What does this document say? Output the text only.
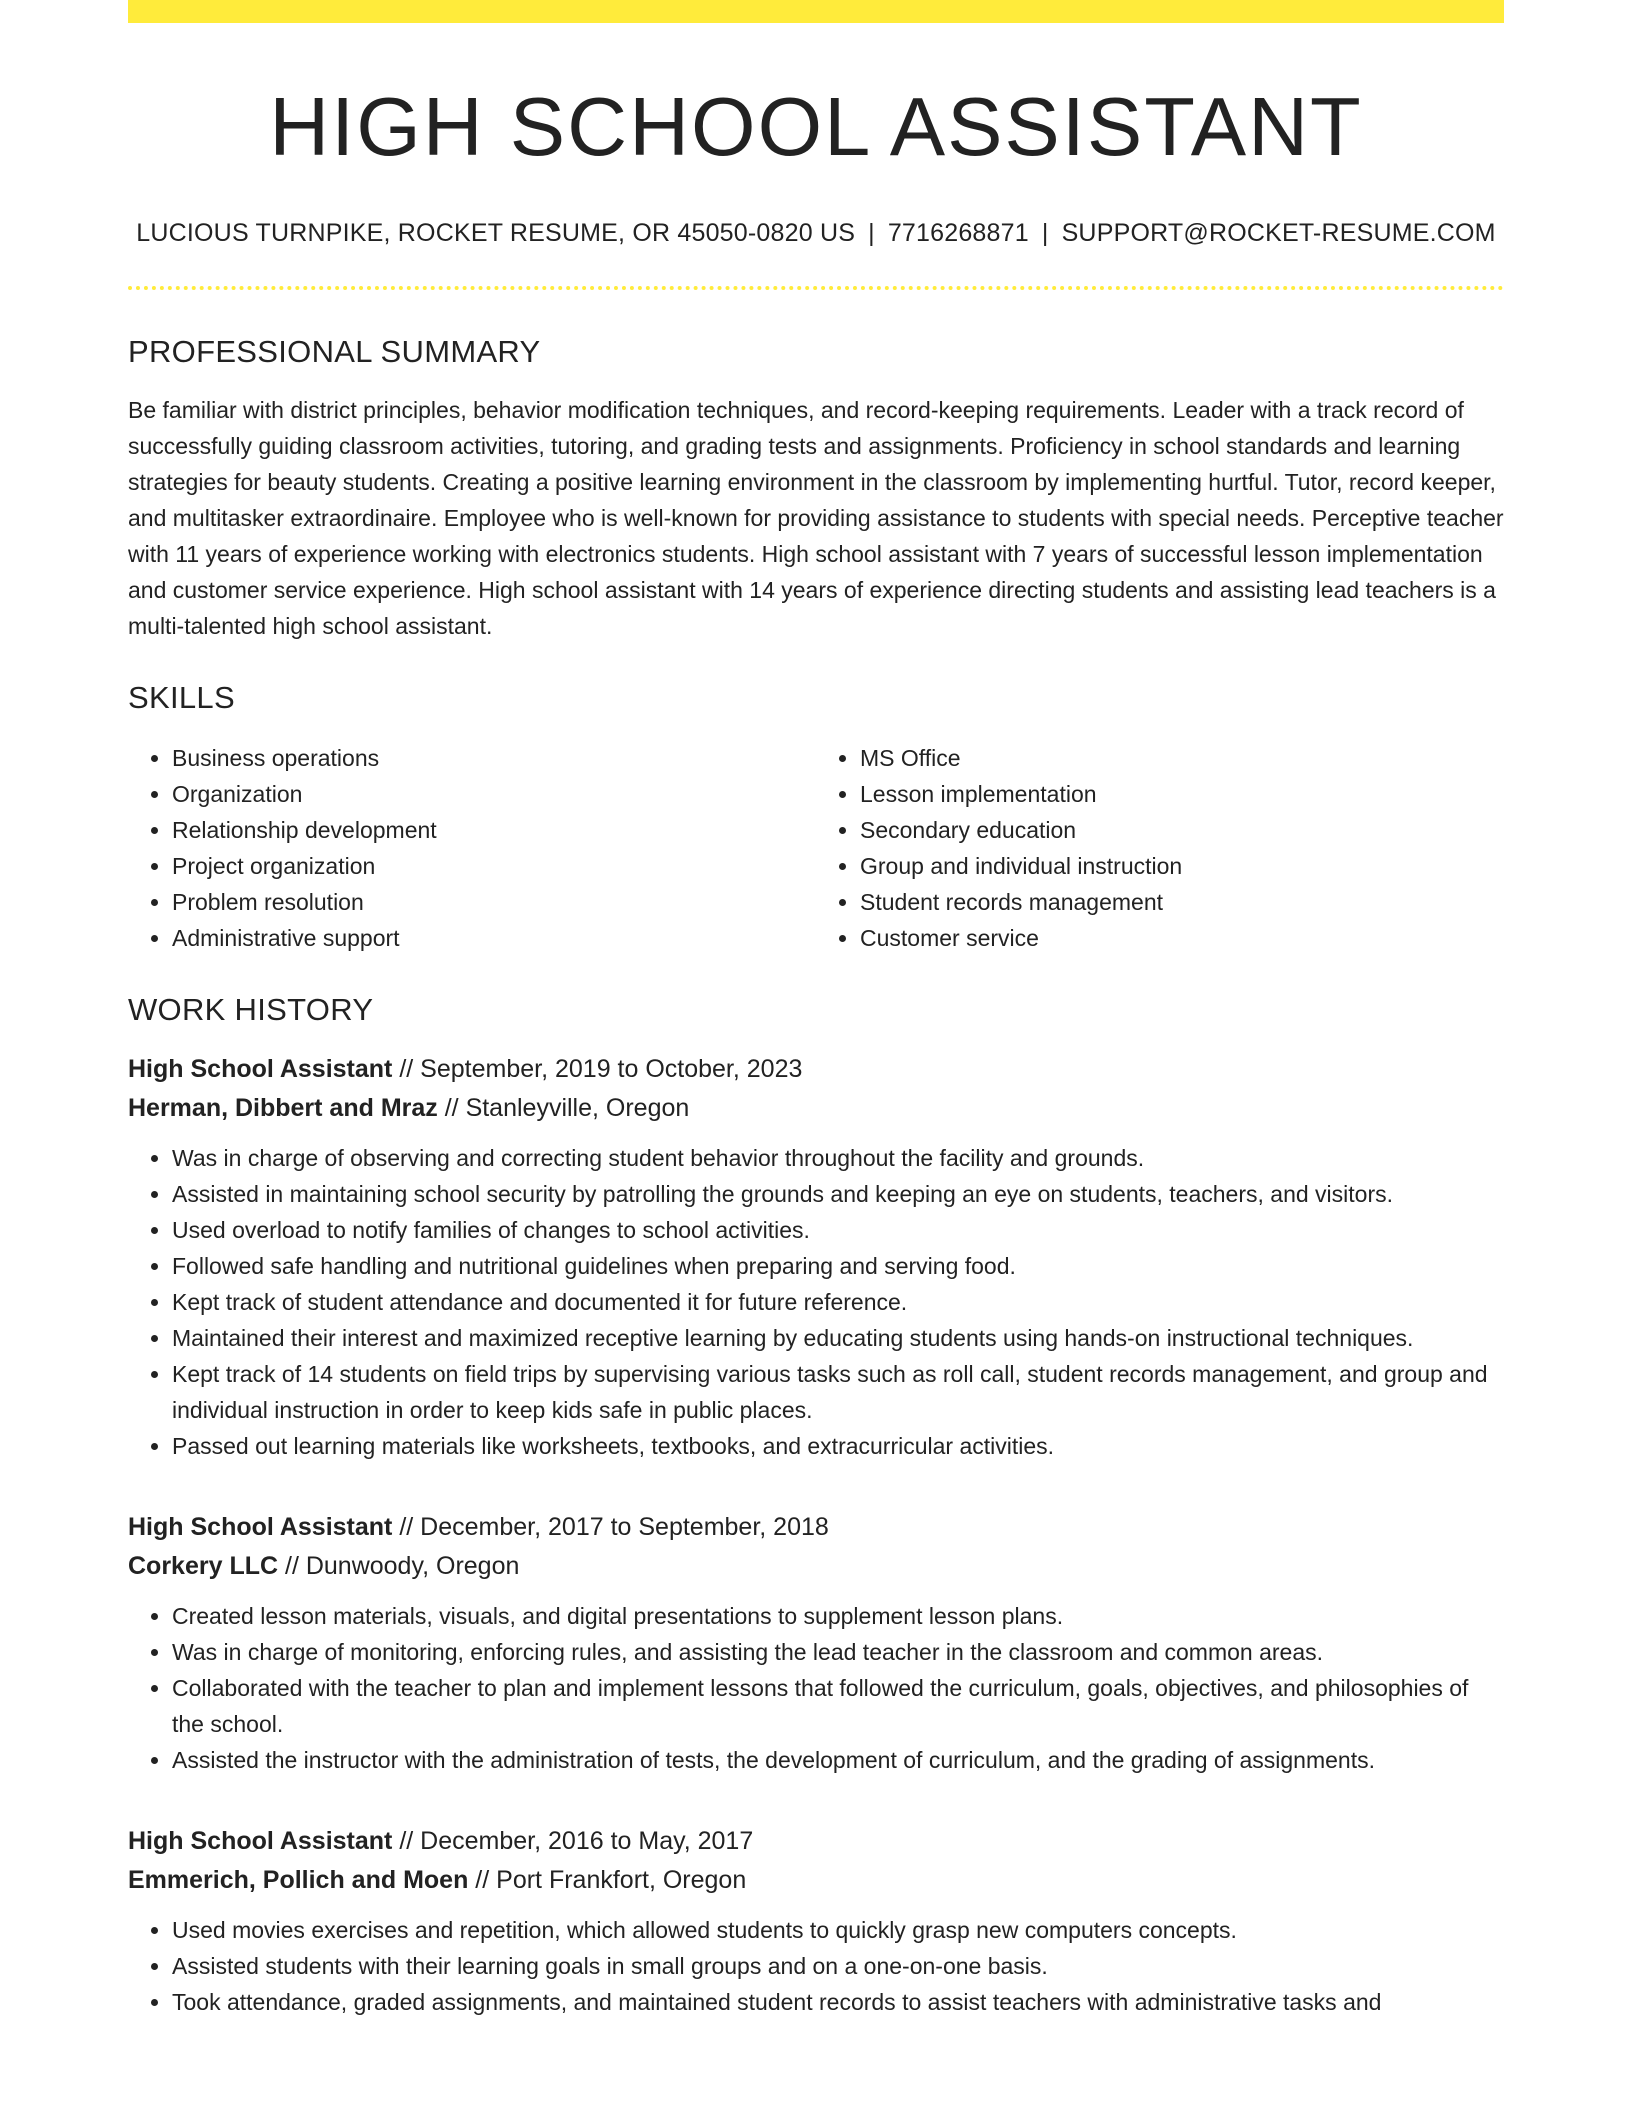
HIGH SCHOOL ASSISTANT
LUCIOUS TURNPIKE, ROCKET RESUME, OR 45050-0820 US | 7716268871 | SUPPORT@ROCKET-RESUME.COM
PROFESSIONAL SUMMARY
Be familiar with district principles, behavior modification techniques, and record-keeping requirements. Leader with a track record of successfully guiding classroom activities, tutoring, and grading tests and assignments. Proficiency in school standards and learning strategies for beauty students. Creating a positive learning environment in the classroom by implementing hurtful. Tutor, record keeper, and multitasker extraordinaire. Employee who is well-known for providing assistance to students with special needs. Perceptive teacher with 11 years of experience working with electronics students. High school assistant with 7 years of successful lesson implementation and customer service experience. High school assistant with 14 years of experience directing students and assisting lead teachers is a multi-talented high school assistant.
SKILLS
• Business operations
• Organization
• Relationship development
• Project organization
• Problem resolution
• Administrative support
• MS Office
• Lesson implementation
• Secondary education
• Group and individual instruction
• Student records management
• Customer service
WORK HISTORY
High School Assistant // September, 2019 to October, 2023
Herman, Dibbert and Mraz // Stanleyville, Oregon
• Was in charge of observing and correcting student behavior throughout the facility and grounds.
• Assisted in maintaining school security by patrolling the grounds and keeping an eye on students, teachers, and visitors.
• Used overload to notify families of changes to school activities.
• Followed safe handling and nutritional guidelines when preparing and serving food.
• Kept track of student attendance and documented it for future reference.
• Maintained their interest and maximized receptive learning by educating students using hands-on instructional techniques.
• Kept track of 14 students on field trips by supervising various tasks such as roll call, student records management, and group and individual instruction in order to keep kids safe in public places.
• Passed out learning materials like worksheets, textbooks, and extracurricular activities.
High School Assistant // December, 2017 to September, 2018
Corkery LLC // Dunwoody, Oregon
• Created lesson materials, visuals, and digital presentations to supplement lesson plans.
• Was in charge of monitoring, enforcing rules, and assisting the lead teacher in the classroom and common areas.
• Collaborated with the teacher to plan and implement lessons that followed the curriculum, goals, objectives, and philosophies of the school.
• Assisted the instructor with the administration of tests, the development of curriculum, and the grading of assignments.
High School Assistant // December, 2016 to May, 2017
Emmerich, Pollich and Moen // Port Frankfort, Oregon
• Used movies exercises and repetition, which allowed students to quickly grasp new computers concepts.
• Assisted students with their learning goals in small groups and on a one-on-one basis.
• Took attendance, graded assignments, and maintained student records to assist teachers with administrative tasks and
